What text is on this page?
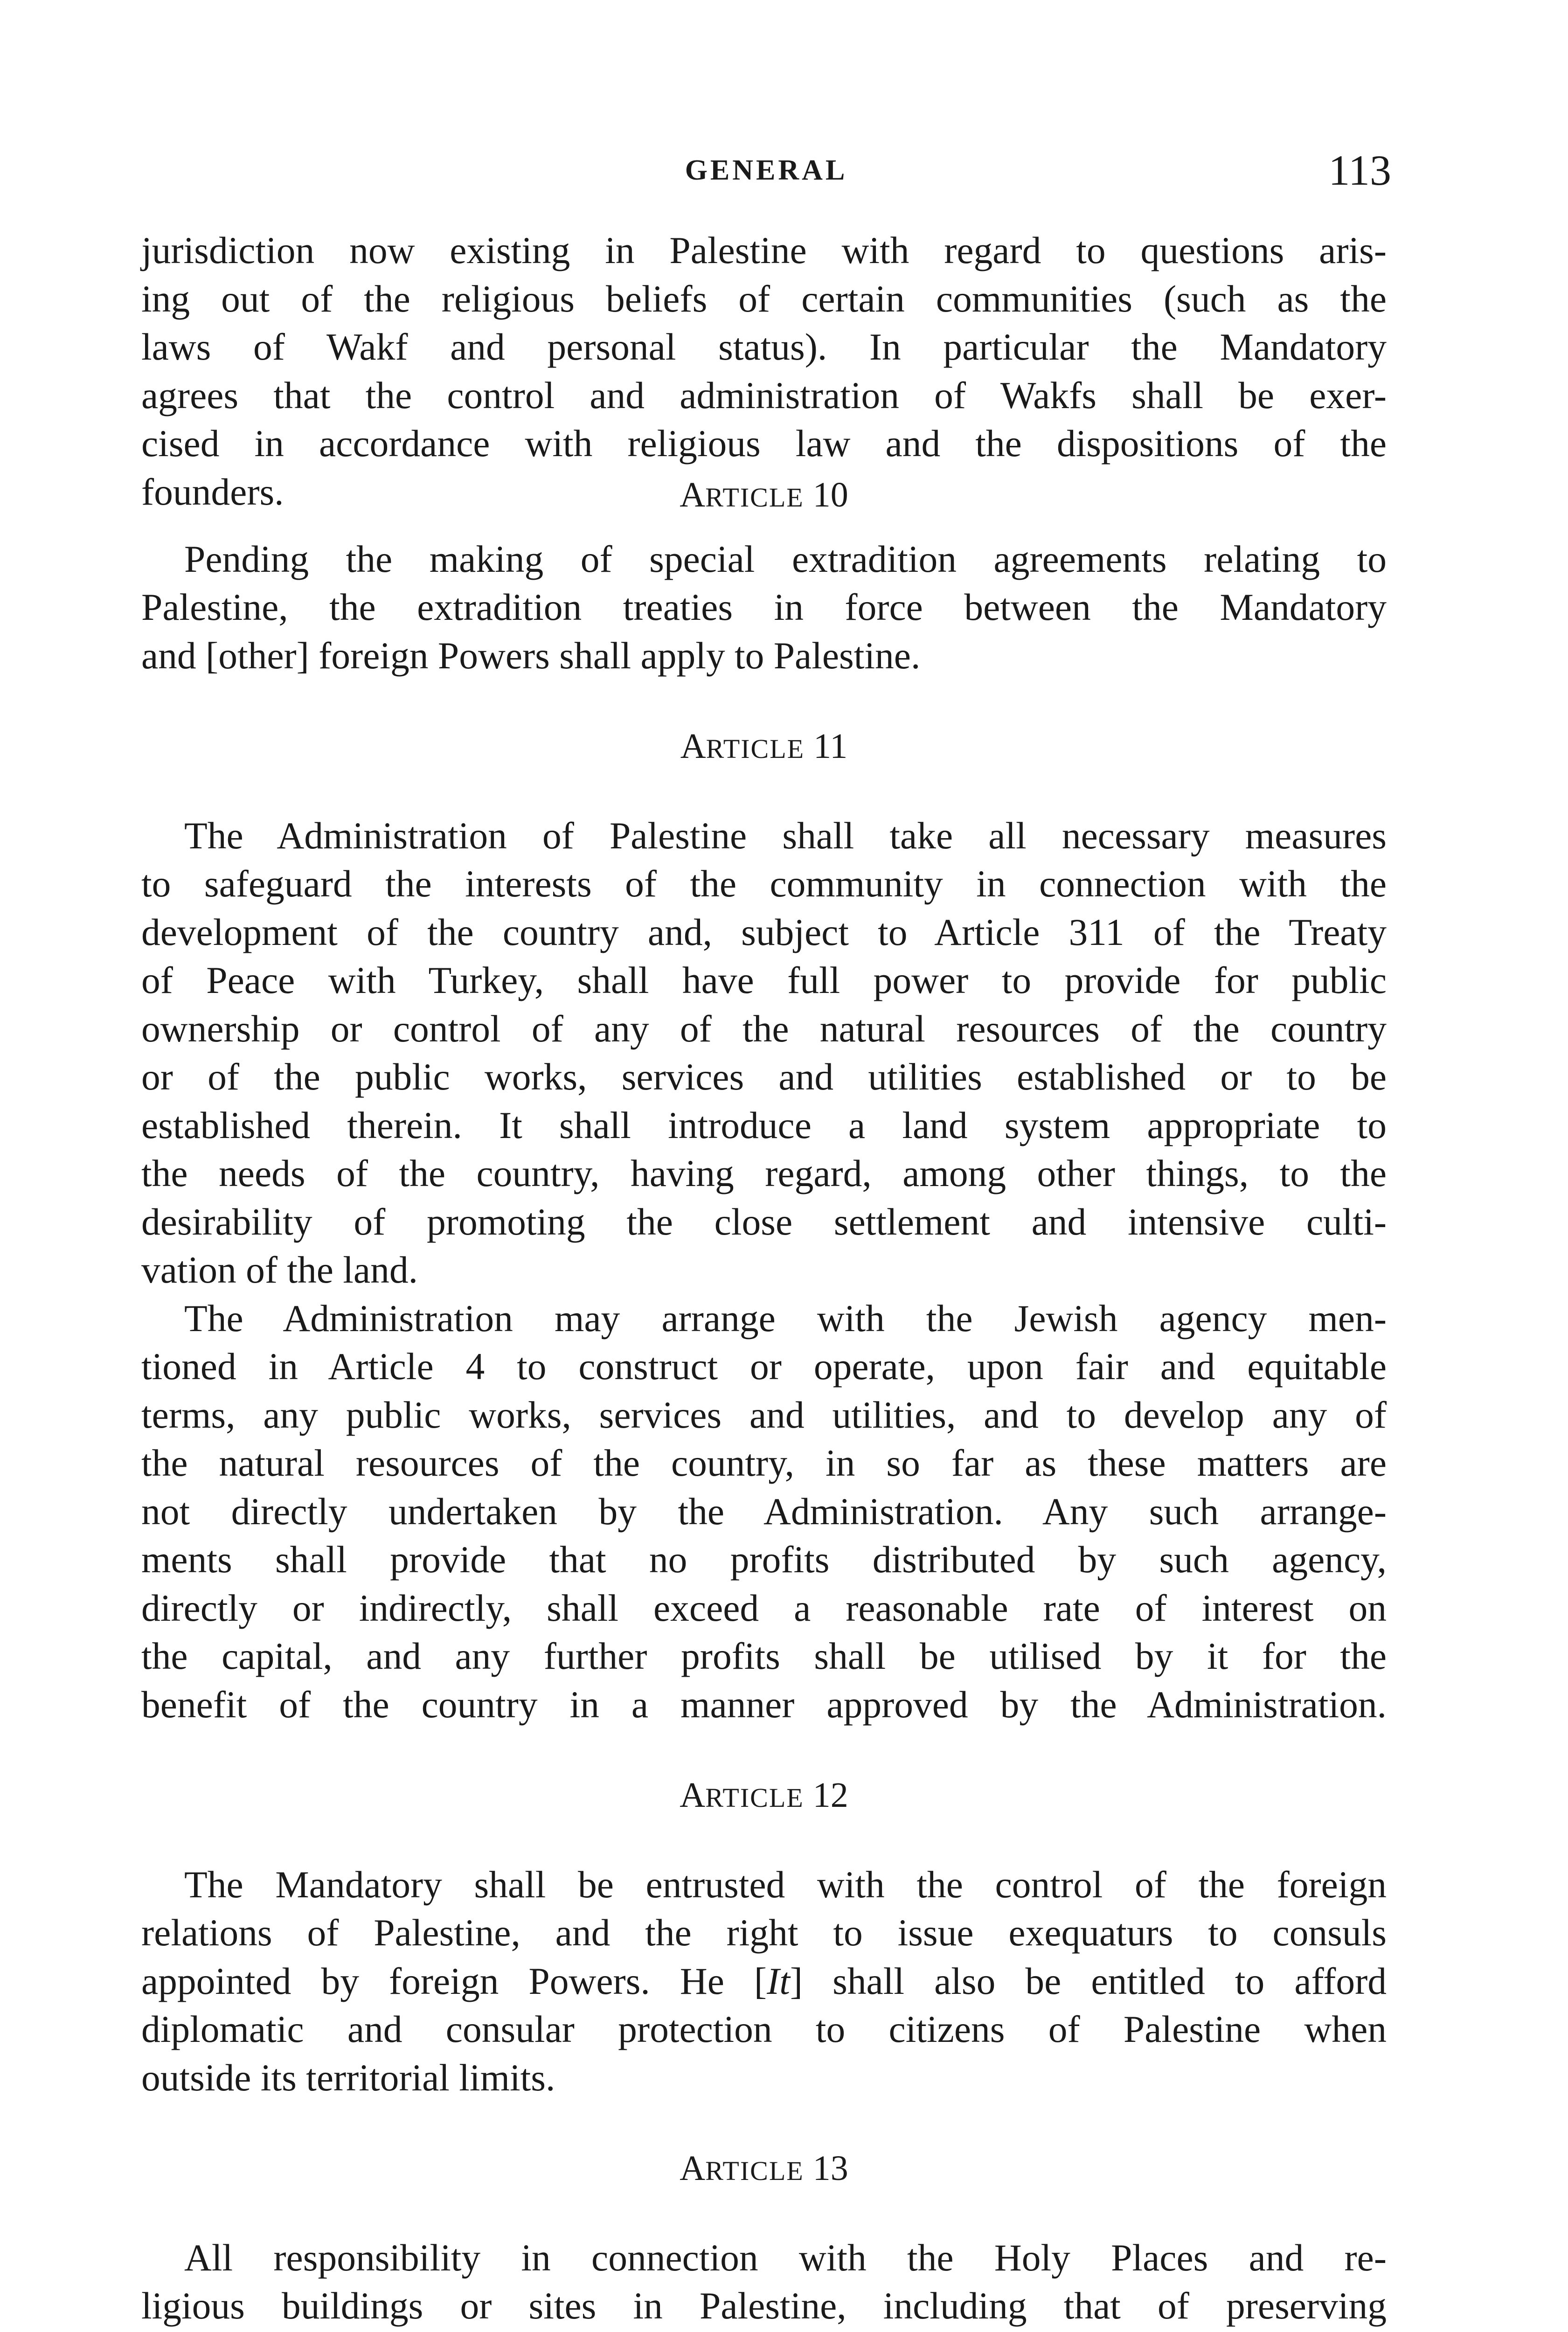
GENERAL	113
jurisdiction now existing in Palestine with regard to questions aris-
ing out of the religious beliefs of certain communities (such as the
laws of Wakf and personal status). In particular the Mandatory
agrees that the control and administration of Wakfs shall be exer-
cised in accordance with religious law and the dispositions of the
founders.	ARTICLE 10
Pending the making of special extradition agreements relating to
Palestine, the extradition treaties in force between the Mandatory
and [other] foreign Powers shall apply to Palestine.
ARTICLE 11
The Administration of Palestine shall take all necessary measures
to safeguard the interests of the community in connection with the
development of the country and, subject to Article 311 of the Treaty
of Peace with Turkey, shall have full power to provide for public
ownership or control of any of the natural resources of the country
or of the public works, services and utilities established or to be
established therein. It shall introduce a land system appropriate to
the needs of the country, having regard, among other things, to the
desirability of promoting the close settlement and intensive culti-
vation of the land.
The Administration may arrange with the Jewish agency men-
tioned in Article 4 to construct or operate, upon fair and equitable
terms, any public works, services and utilities, and to develop any of
the natural resources of the country, in so far as these matters are
not directly undertaken by the Administration. Any such arrange-
ments shall provide that no profits distributed by such agency,
directly or indirectly, shall exceed a reasonable rate of interest on
the capital, and any further profits shall be utilised by it for the
benefit of the country in a manner approved by the Administration.
ARTICLE 12
The Mandatory shall be entrusted with the control of the foreign
relations of Palestine, and the right to issue exequaturs to consuls
appointed by foreign Powers. He [It] shall also be entitled to afford
diplomatic and consular protection to citizens of Palestine when
outside its territorial limits.
ARTICLE 13
All responsibility in connection with the Holy Places and re-
ligious buildings or sites in Palestine, including that of preserving
